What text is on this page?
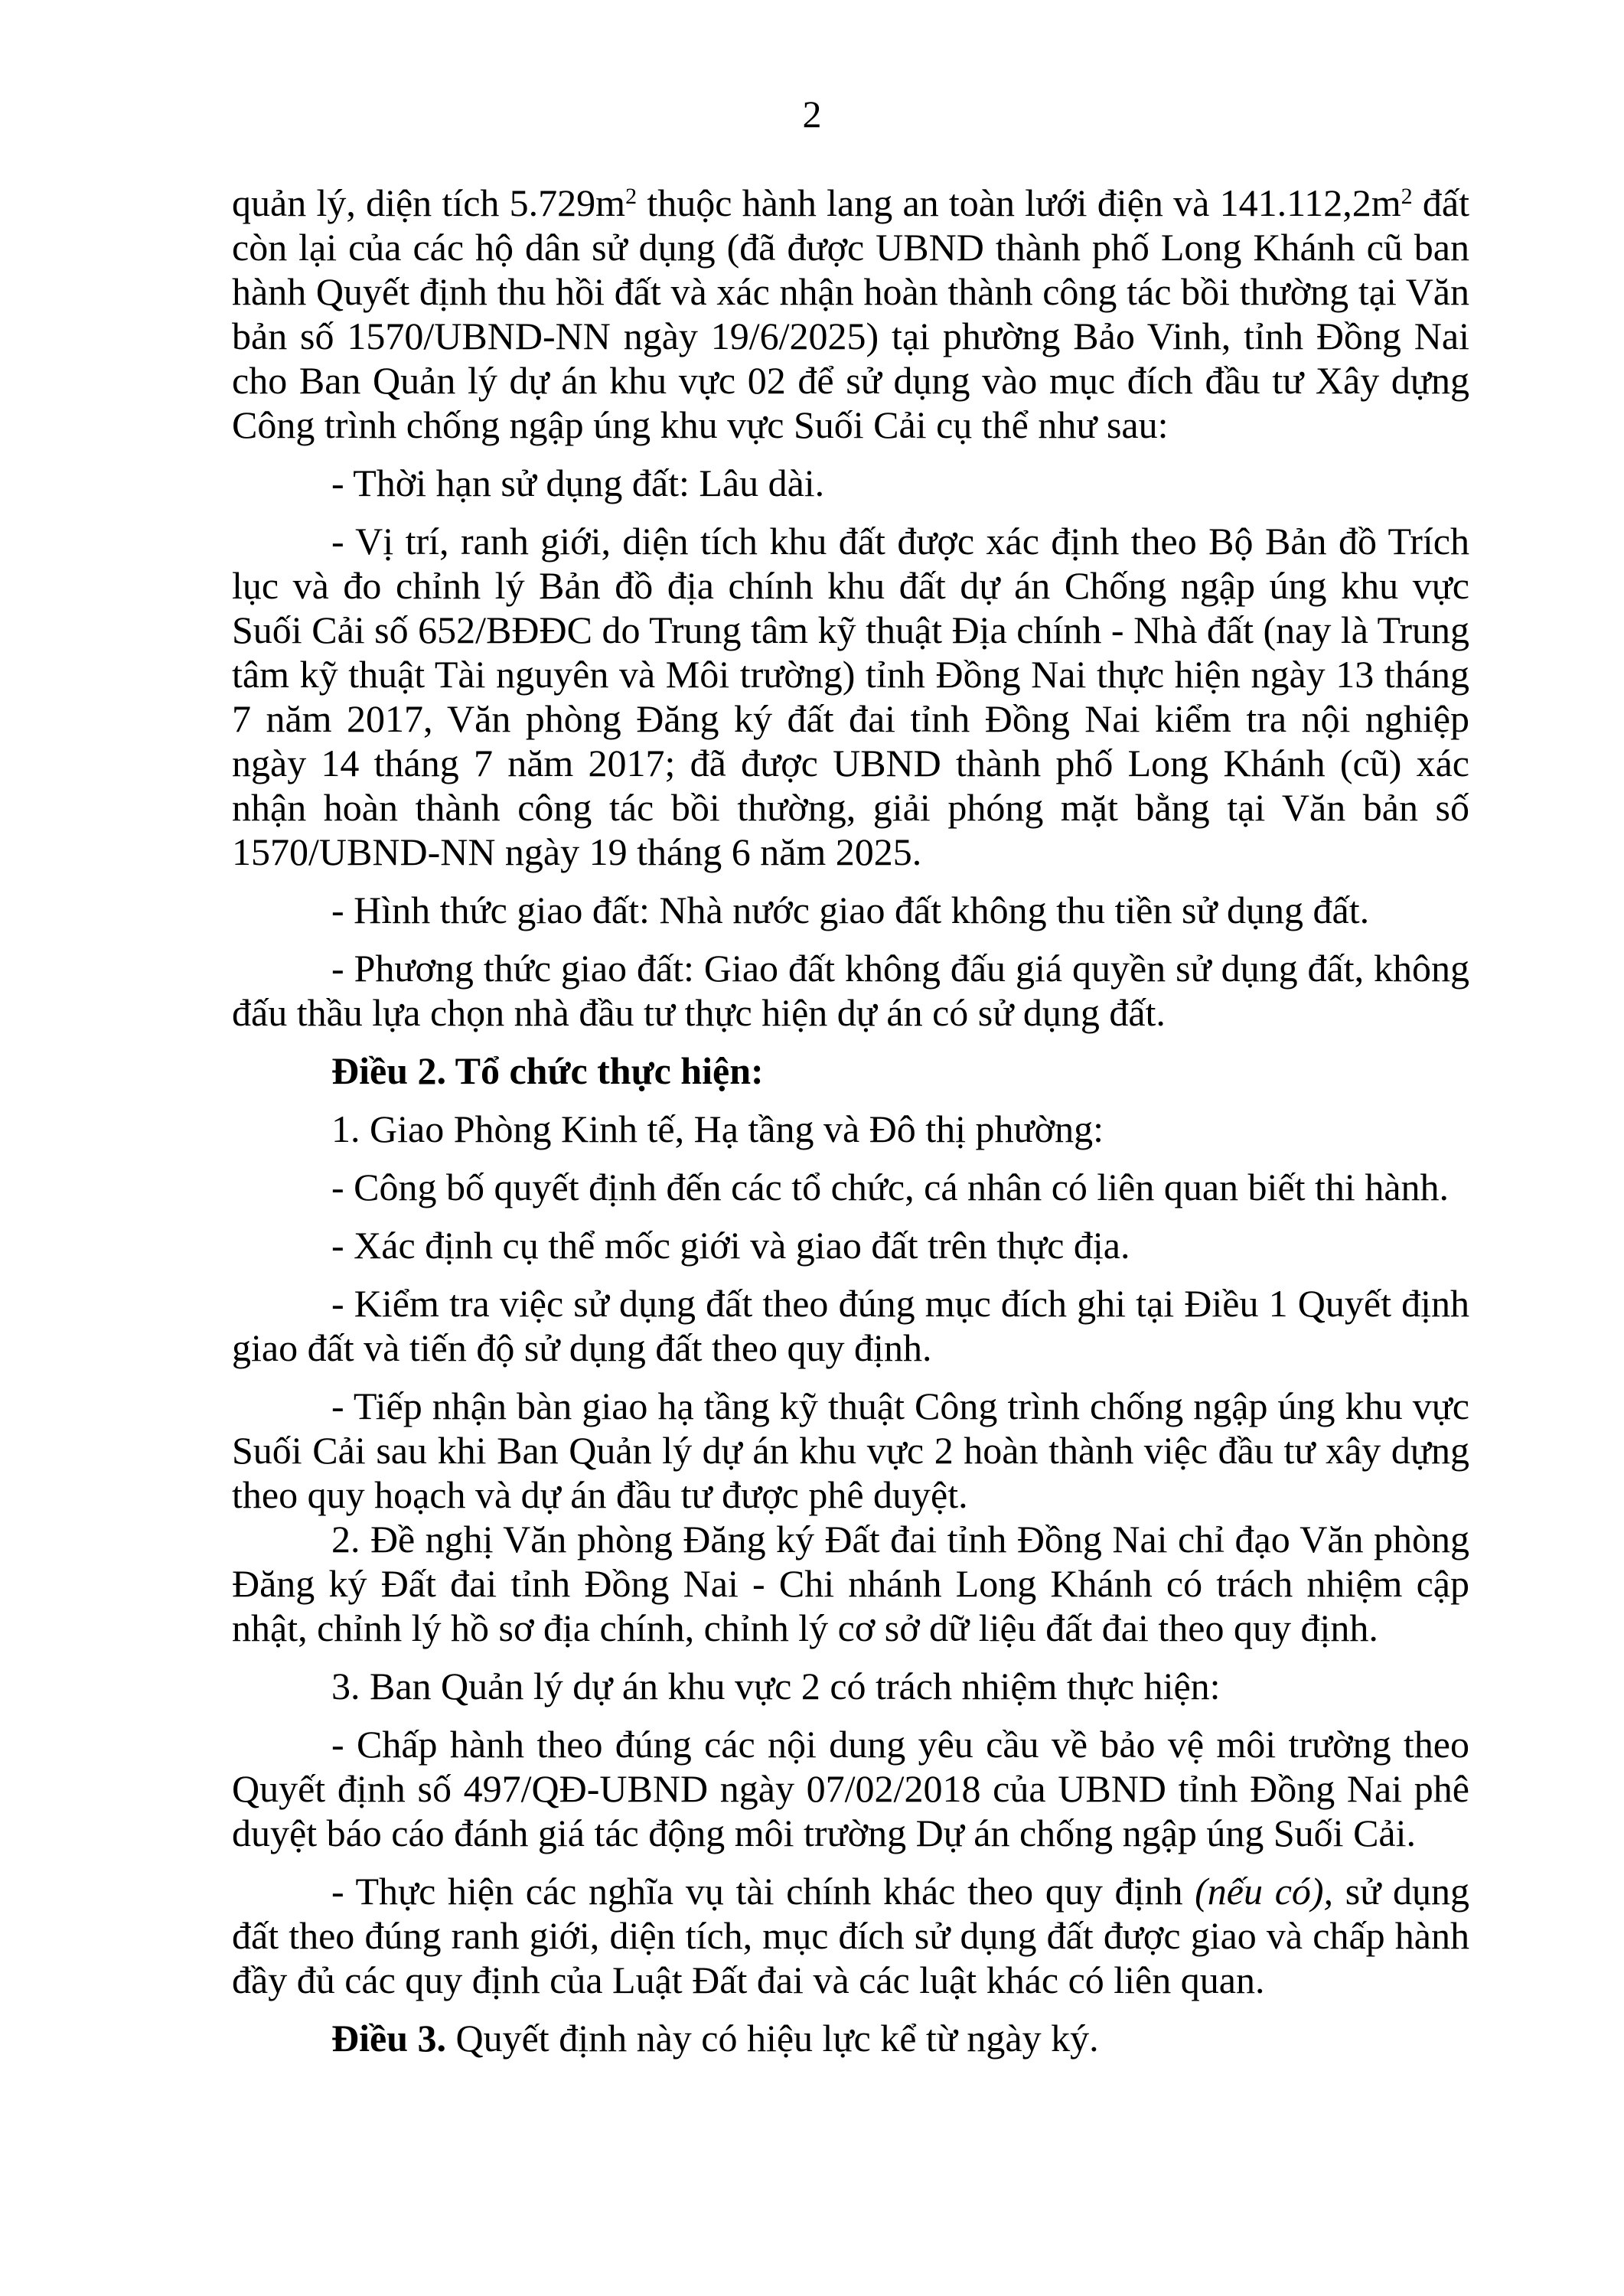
2

quản lý, diện tích $5.729m^2$ thuộc hành lang an toàn lưới điện và $141.112,2m^2$ đất còn lại của các hộ dân sử dụng (đã được UBND thành phố Long Khánh cũ ban hành Quyết định thu hồi đất và xác nhận hoàn thành công tác bồi thường tại Văn bản số 1570/UBND-NN ngày 19/6/2025) tại phường Bảo Vinh, tỉnh Đồng Nai cho Ban Quản lý dự án khu vực 02 để sử dụng vào mục đích đầu tư Xây dựng Công trình chống ngập úng khu vực Suối Cải cụ thể như sau:

- Thời hạn sử dụng đất: Lâu dài.

- Vị trí, ranh giới, diện tích khu đất được xác định theo Bộ Bản đồ Trích lục và đo chỉnh lý Bản đồ địa chính khu đất dự án Chống ngập úng khu vực Suối Cải số 652/BĐĐC do Trung tâm kỹ thuật Địa chính - Nhà đất (nay là Trung tâm kỹ thuật Tài nguyên và Môi trường) tỉnh Đồng Nai thực hiện ngày 13 tháng 7 năm 2017, Văn phòng Đăng ký đất đai tỉnh Đồng Nai kiểm tra nội nghiệp ngày 14 tháng 7 năm 2017; đã được UBND thành phố Long Khánh (cũ) xác nhận hoàn thành công tác bồi thường, giải phóng mặt bằng tại Văn bản số 1570/UBND-NN ngày 19 tháng 6 năm 2025.

- Hình thức giao đất: Nhà nước giao đất không thu tiền sử dụng đất.

- Phương thức giao đất: Giao đất không đấu giá quyền sử dụng đất, không đấu thầu lựa chọn nhà đầu tư thực hiện dự án có sử dụng đất.

Điều 2. Tổ chức thực hiện:

1. Giao Phòng Kinh tế, Hạ tầng và Đô thị phường:

- Công bố quyết định đến các tổ chức, cá nhân có liên quan biết thi hành.

- Xác định cụ thể mốc giới và giao đất trên thực địa.

- Kiểm tra việc sử dụng đất theo đúng mục đích ghi tại Điều 1 Quyết định giao đất và tiến độ sử dụng đất theo quy định.

- Tiếp nhận bàn giao hạ tầng kỹ thuật Công trình chống ngập úng khu vực Suối Cải sau khi Ban Quản lý dự án khu vực 2 hoàn thành việc đầu tư xây dựng theo quy hoạch và dự án đầu tư được phê duyệt.

2. Đề nghị Văn phòng Đăng ký Đất đai tỉnh Đồng Nai chỉ đạo Văn phòng Đăng ký Đất đai tỉnh Đồng Nai - Chi nhánh Long Khánh có trách nhiệm cập nhật, chỉnh lý hồ sơ địa chính, chỉnh lý cơ sở dữ liệu đất đai theo quy định.

3. Ban Quản lý dự án khu vực 2 có trách nhiệm thực hiện:

- Chấp hành theo đúng các nội dung yêu cầu về bảo vệ môi trường theo Quyết định số 497/QĐ-UBND ngày 07/02/2018 của UBND tỉnh Đồng Nai phê duyệt báo cáo đánh giá tác động môi trường Dự án chống ngập úng Suối Cải.

- Thực hiện các nghĩa vụ tài chính khác theo quy định (nếu có), sử dụng đất theo đúng ranh giới, diện tích, mục đích sử dụng đất được giao và chấp hành đầy đủ các quy định của Luật Đất đai và các luật khác có liên quan.

Điều 3. Quyết định này có hiệu lực kể từ ngày ký.
